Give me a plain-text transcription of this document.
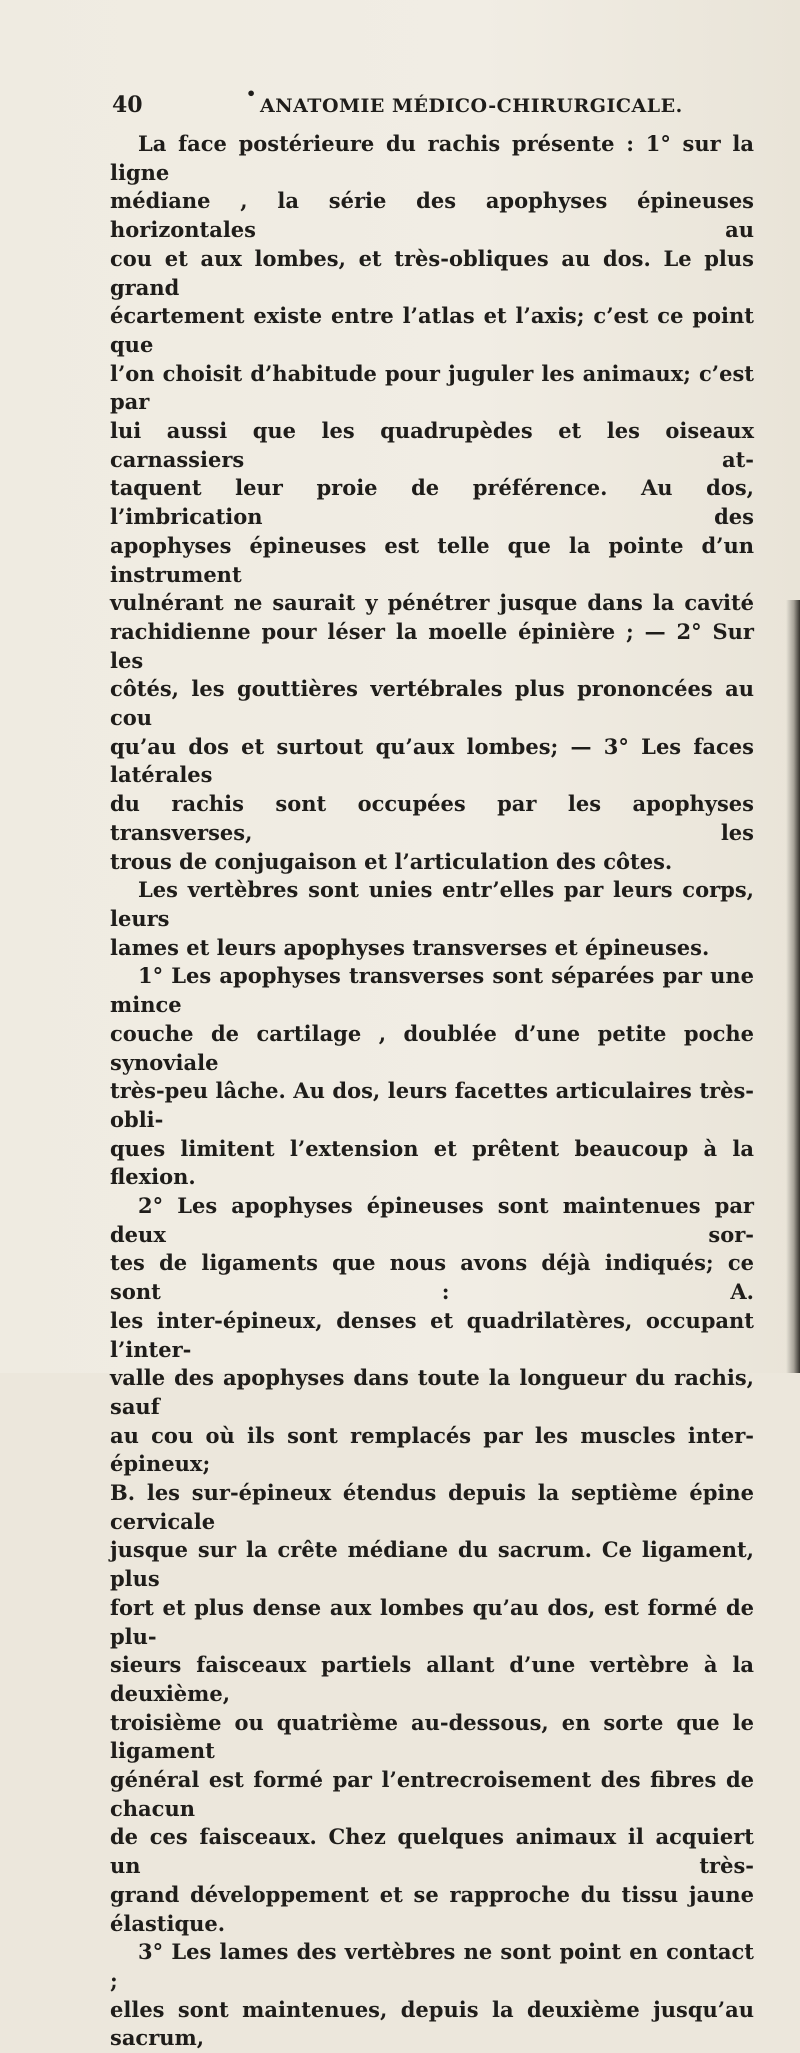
40	•
ANATOMIE MÉDICO-CHIRURGICALE.

La face postérieure du rachis présente : 1° sur la ligne

médiane , la série des apophyses épineuses horizontales au

cou et aux lombes, et très-obliques au dos. Le plus grand

écartement existe entre l’atlas et l’axis; c’est ce point que

l’on choisit d’habitude pour juguler les animaux; c’est par

lui aussi que les quadrupèdes et les oiseaux carnassiers at-

taquent leur proie de préférence. Au dos, l’imbrication des

apophyses épineuses est telle que la pointe d’un instrument

vulnérant ne saurait y pénétrer jusque dans la cavité

rachidienne pour léser la moelle épinière ; — 2° Sur les

côtés, les gouttières vertébrales plus prononcées au cou

qu’au dos et surtout qu’aux lombes; — 3° Les faces latérales

du rachis sont occupées par les apophyses transverses, les

trous de conjugaison et l’articulation des côtes.

Les vertèbres sont unies entr’elles par leurs corps, leurs

lames et leurs apophyses transverses et épineuses.

1° Les apophyses transverses sont séparées par une mince

couche de cartilage , doublée d’une petite poche synoviale

très-peu lâche. Au dos, leurs facettes articulaires très-obli-

ques limitent l’extension et prêtent beaucoup à la flexion.

2° Les apophyses épineuses sont maintenues par deux sor-

tes de ligaments que nous avons déjà indiqués; ce sont : A.

les inter-épineux, denses et quadrilatères, occupant l’inter-

valle des apophyses dans toute la longueur du rachis, sauf

au cou où ils sont remplacés par les muscles inter-épineux;

B. les sur-épineux étendus depuis la septième épine cervicale

jusque sur la crête médiane du sacrum. Ce ligament, plus

fort et plus dense aux lombes qu’au dos, est formé de plu-

sieurs faisceaux partiels allant d’une vertèbre à la deuxième,

troisième ou quatrième au-dessous, en sorte que le ligament

général est formé par l’entrecroisement des fibres de chacun

de ces faisceaux. Chez quelques animaux il acquiert un très-

grand développement et se rapproche du tissu jaune élastique.

3° Les lames des vertèbres ne sont point en contact ;

elles sont maintenues, depuis la deuxième jusqu’au sacrum,
